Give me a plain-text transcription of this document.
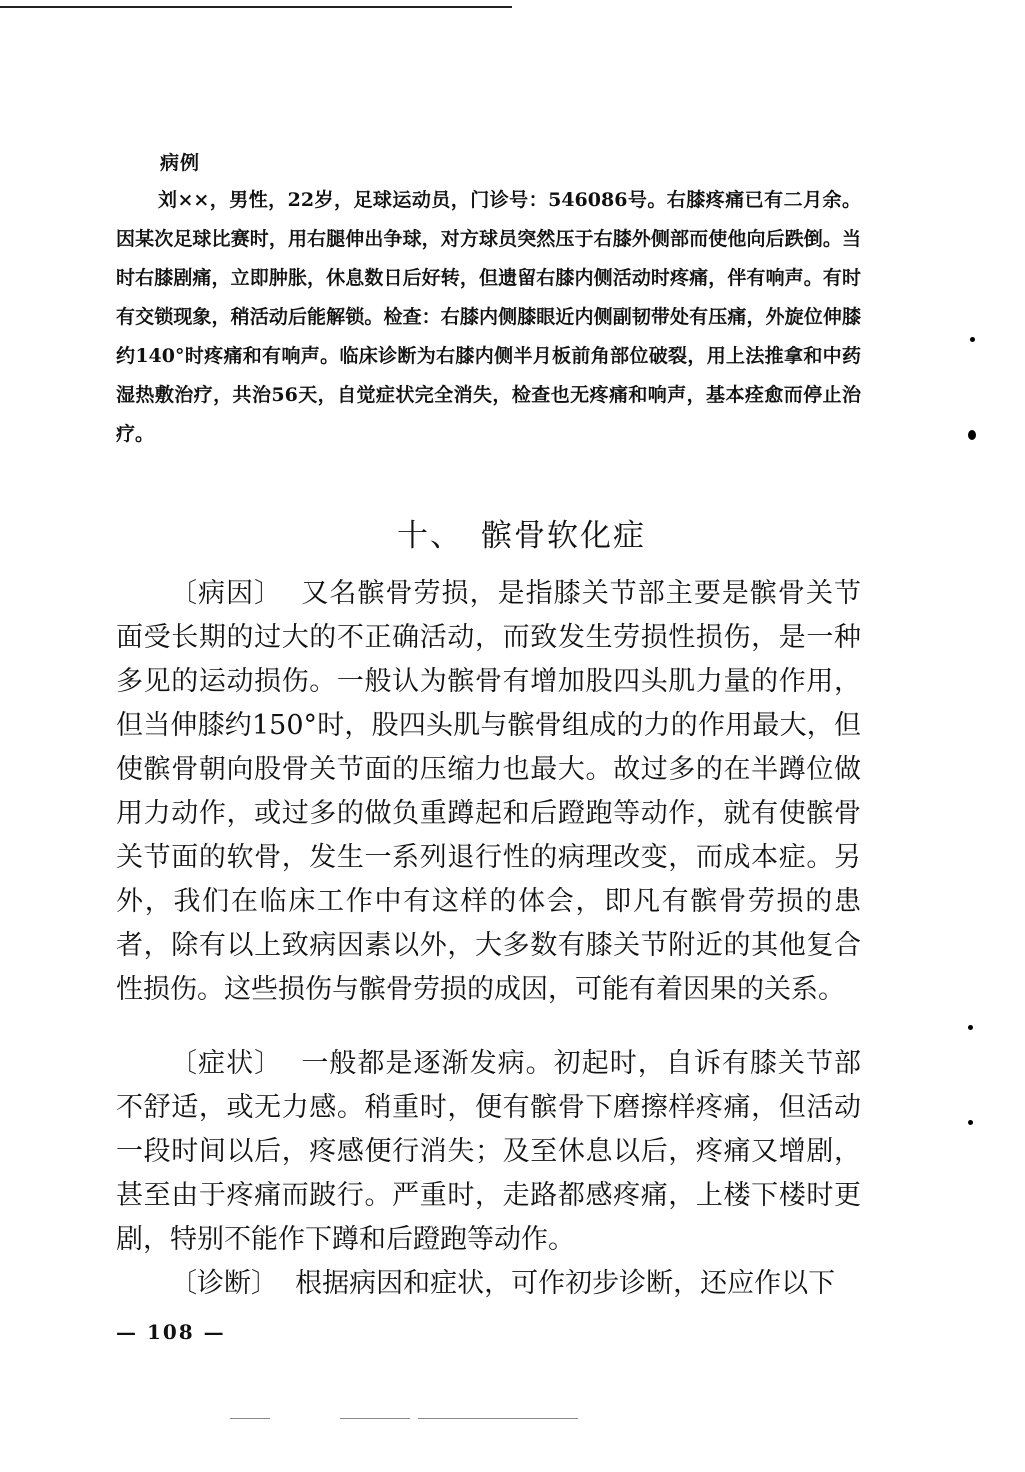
病例
刘××，男性，22岁，足球运动员，门诊号：546086号。右膝疼痛已有二月余。因某次足球比赛时，用右腿伸出争球，对方球员突然压于右膝外侧部而使他向后跌倒。当时右膝剧痛，立即肿胀，休息数日后好转，但遗留右膝内侧活动时疼痛，伴有响声。有时有交锁现象，稍活动后能解锁。检查：右膝内侧膝眼近内侧副韧带处有压痛，外旋位伸膝约140°时疼痛和有响声。临床诊断为右膝内侧半月板前角部位破裂，用上法推拿和中药湿热敷治疗，共治56天，自觉症状完全消失，检查也无疼痛和响声，基本痊愈而停止治疗。
十、 髌骨软化症
〔病因〕 又名髌骨劳损，是指膝关节部主要是髌骨关节面受长期的过大的不正确活动，而致发生劳损性损伤，是一种多见的运动损伤。一般认为髌骨有增加股四头肌力量的作用，但当伸膝约150°时，股四头肌与髌骨组成的力的作用最大，但使髌骨朝向股骨关节面的压缩力也最大。故过多的在半蹲位做用力动作，或过多的做负重蹲起和后蹬跑等动作，就有使髌骨关节面的软骨，发生一系列退行性的病理改变，而成本症。另外，我们在临床工作中有这样的体会，即凡有髌骨劳损的患者，除有以上致病因素以外，大多数有膝关节附近的其他复合性损伤。这些损伤与髌骨劳损的成因，可能有着因果的关系。
〔症状〕 一般都是逐渐发病。初起时，自诉有膝关节部不舒适，或无力感。稍重时，便有髌骨下磨擦样疼痛，但活动一段时间以后，疼感便行消失；及至休息以后，疼痛又增剧，甚至由于疼痛而跛行。严重时，走路都感疼痛，上楼下楼时更剧，特别不能作下蹲和后蹬跑等动作。
〔诊断〕 根据病因和症状，可作初步诊断，还应作以下
— 108 —
